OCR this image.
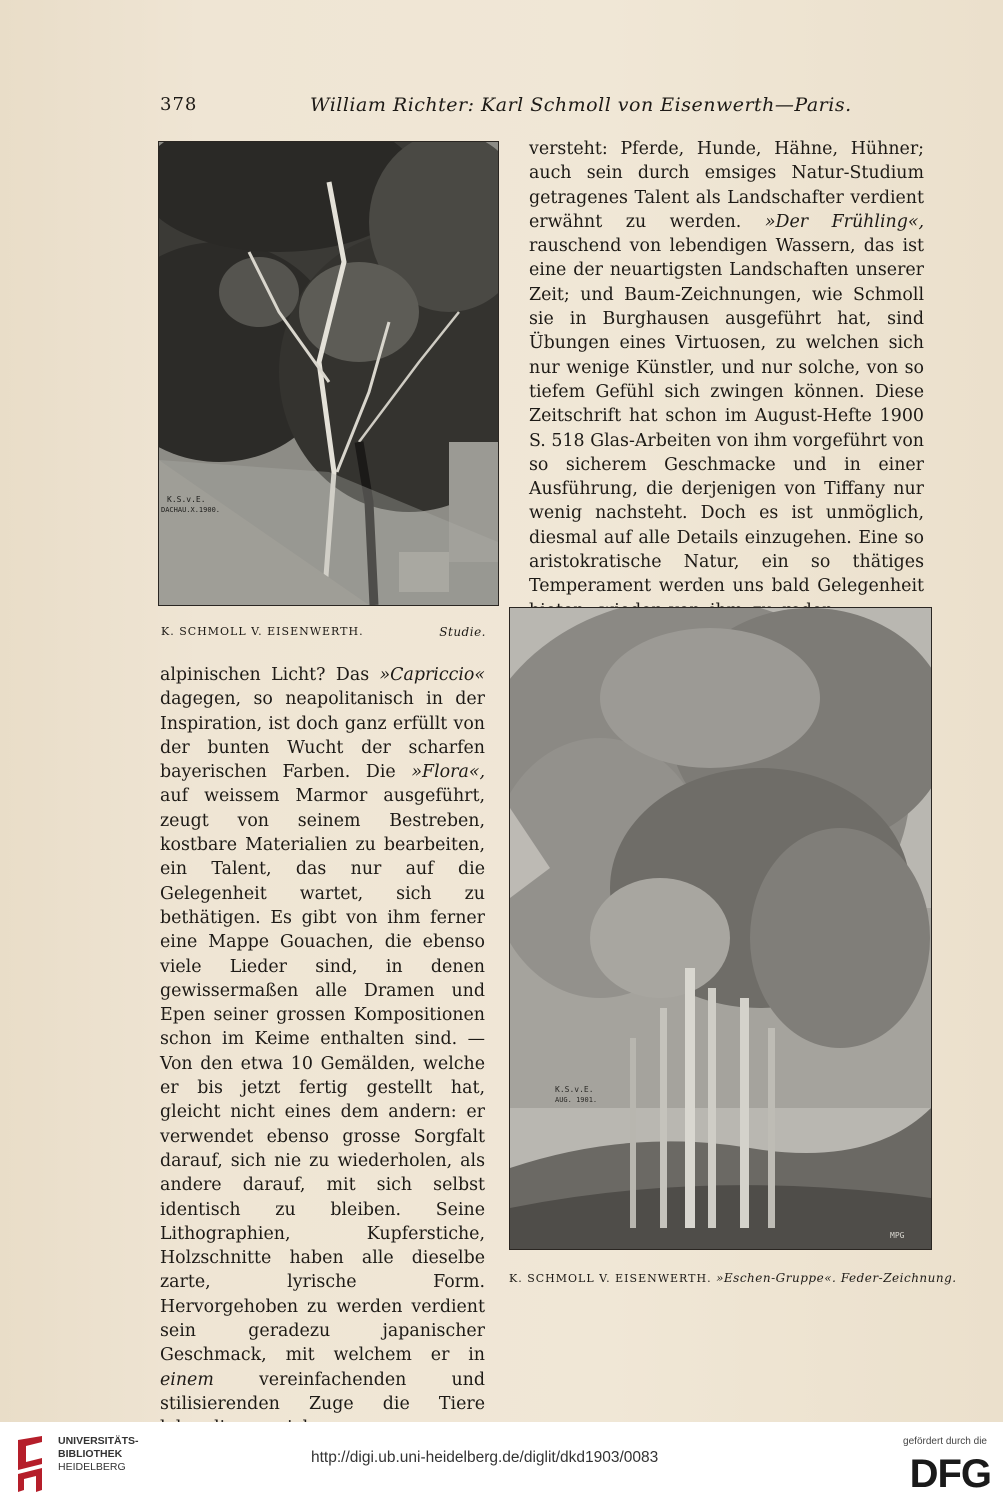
378	William Richter: Karl Schmoll von Eisenwerth—Paris.
K.S.v.E.
DACHAU.X.1900.
K. SCHMOLL V. EISENWERTH.	Studie.

versteht: Pferde, Hunde, Hähne, Hühner; auch sein durch emsiges Natur-Studium getragenes Talent als Landschafter verdient erwähnt zu werden. »Der Frühling«, rauschend von lebendigen Wassern, das ist eine der neuartigsten Landschaften unserer Zeit; und Baum-Zeichnungen, wie Schmoll sie in Burghausen ausgeführt hat, sind Übungen eines Virtuosen, zu welchen sich nur wenige Künstler, und nur solche, von so tiefem Gefühl sich zwingen können. Diese Zeitschrift hat schon im August-Hefte 1900 S. 518 Glas-Arbeiten von ihm vorgeführt von so sicherem Geschmacke und in einer Ausführung, die derjenigen von Tiffany nur wenig nachsteht. Doch es ist unmöglich, diesmal auf alle Details einzugehen. Eine so aristokratische Natur, ein so thätiges Temperament werden uns bald Gelegenheit

K.S.v.E.
AUG. 1901.
MPG
K. SCHMOLL V. EISENWERTH. »Eschen-Gruppe«. Feder-Zeichnung.

alpinischen Licht? Das »Capriccio« dagegen, so neapolitanisch in der Inspiration, ist doch ganz erfüllt von der bunten Wucht der scharfen bayerischen Farben. Die »Flora«, auf weissem Marmor ausgeführt, zeugt von seinem Bestreben, kostbare Materialien zu bearbeiten, ein Talent, das nur auf die Gelegenheit wartet, sich zu bethätigen. Es gibt von ihm ferner eine Mappe Gouachen, die ebenso viele Lieder sind, in denen gewissermaßen alle Dramen und Epen seiner grossen Kompositionen schon im Keime enthalten sind. — Von den etwa 10 Gemälden, welche er bis jetzt fertig gestellt hat, gleicht nicht eines dem andern: er verwendet ebenso grosse Sorgfalt darauf, sich nie zu wiederholen, als andere darauf, mit sich selbst identisch zu bleiben. Seine Lithographien, Kupferstiche, Holzschnitte haben alle dieselbe zarte, lyrische Form. Hervorgehoben zu werden verdient sein geradezu japanischer Geschmack, mit welchem er in einem	vereinfachenden und stilisierenden Zuge die Tiere

UNIVERSITÄTS-
BIBLIOTHEK
HEIDELBERG
http://digi.ub.uni-heidelberg.de/diglit/dkd1903/0083
gefördert durch die
DFG
